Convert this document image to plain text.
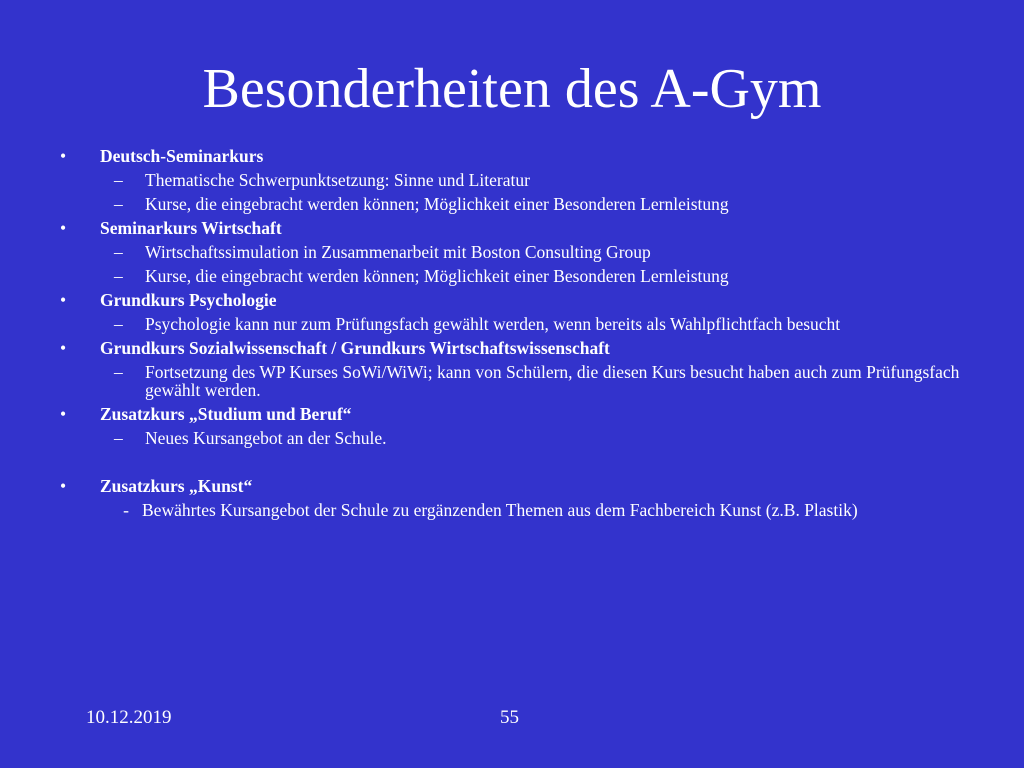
Besonderheiten des A-Gym
•	Deutsch-Seminarkurs
–	Thematische Schwerpunktsetzung: Sinne und Literatur
–	Kurse, die eingebracht werden können; Möglichkeit einer Besonderen Lernleistung
•	Seminarkurs Wirtschaft
–	Wirtschaftssimulation in Zusammenarbeit mit Boston Consulting Group
–	Kurse, die eingebracht werden können; Möglichkeit einer Besonderen Lernleistung
•	Grundkurs Psychologie
–	Psychologie kann nur zum Prüfungsfach gewählt werden, wenn bereits als Wahlpflichtfach besucht
•	Grundkurs Sozialwissenschaft / Grundkurs Wirtschaftswissenschaft
–	Fortsetzung des WP Kurses SoWi/WiWi; kann von Schülern, die diesen Kurs besucht haben auch zum Prüfungsfach gewählt werden.
•	Zusatzkurs „Studium und Beruf“
–	Neues Kursangebot an der Schule.
•	Zusatzkurs „Kunst“
- Bewährtes Kursangebot der Schule zu ergänzenden Themen aus dem Fachbereich Kunst (z.B. Plastik)
10.12.2019	55
